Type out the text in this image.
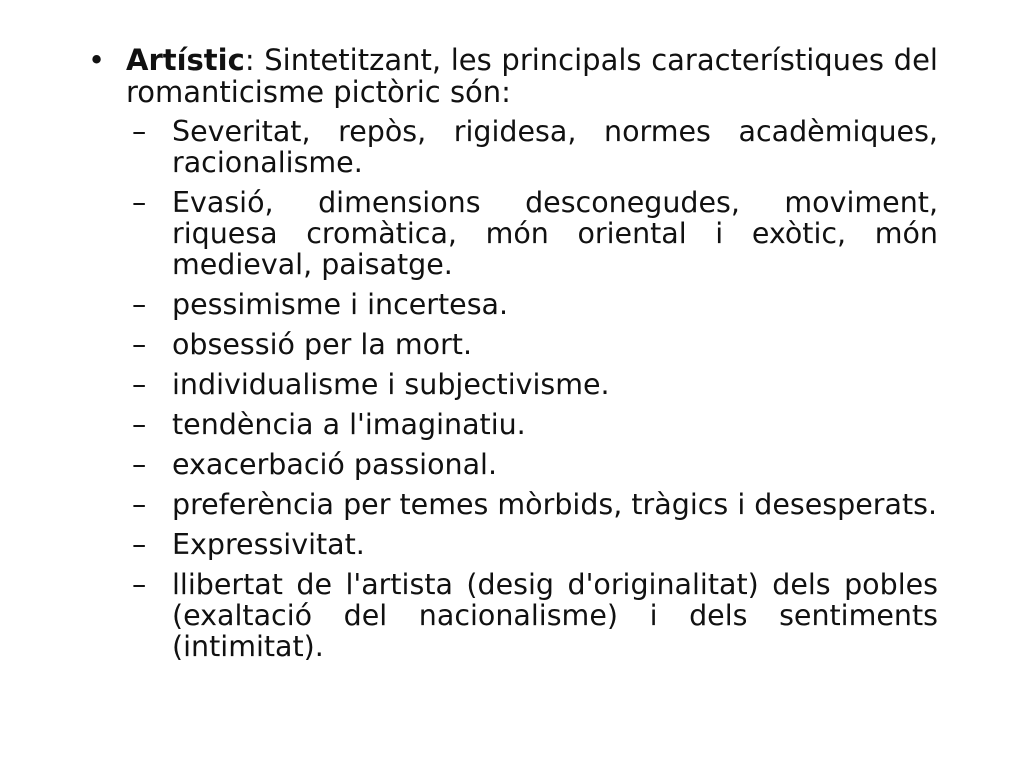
• Artístic: Sintetitzant, les principals característiques del romanticisme pictòric són:
– Severitat, repòs, rigidesa, normes acadèmiques, racionalisme.
– Evasió, dimensions desconegudes, moviment, riquesa cromàtica, món oriental i exòtic, món medieval, paisatge.
– pessimisme i incertesa.
– obsessió per la mort.
– individualisme i subjectivisme.
– tendència a l'imaginatiu.
– exacerbació passional.
– preferència per temes mòrbids, tràgics i desesperats.
– Expressivitat.
– llibertat de l'artista (desig d'originalitat) dels pobles (exaltació del nacionalisme) i dels sentiments (intimitat).
